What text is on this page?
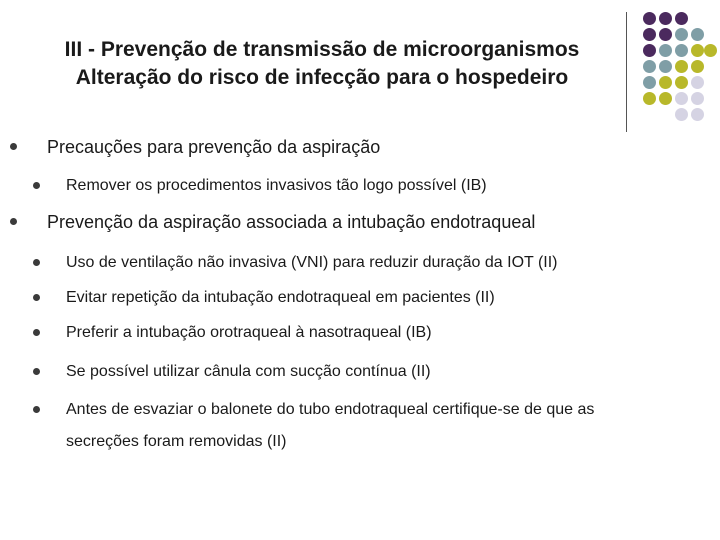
III - Prevenção de transmissão de microorganismos
Alteração do risco de infecção para o hospedeiro
Precauções para prevenção da aspiração
Remover os procedimentos invasivos tão logo possível (IB)
Prevenção da aspiração associada a intubação endotraqueal
Uso de ventilação não invasiva (VNI) para reduzir duração da IOT (II)
Evitar repetição da intubação endotraqueal em pacientes (II)
Preferir a intubação orotraqueal à nasotraqueal (IB)
Se possível utilizar cânula com sucção contínua (II)
Antes de esvaziar o balonete do tubo endotraqueal certifique-se de que as
secreções foram removidas (II)
